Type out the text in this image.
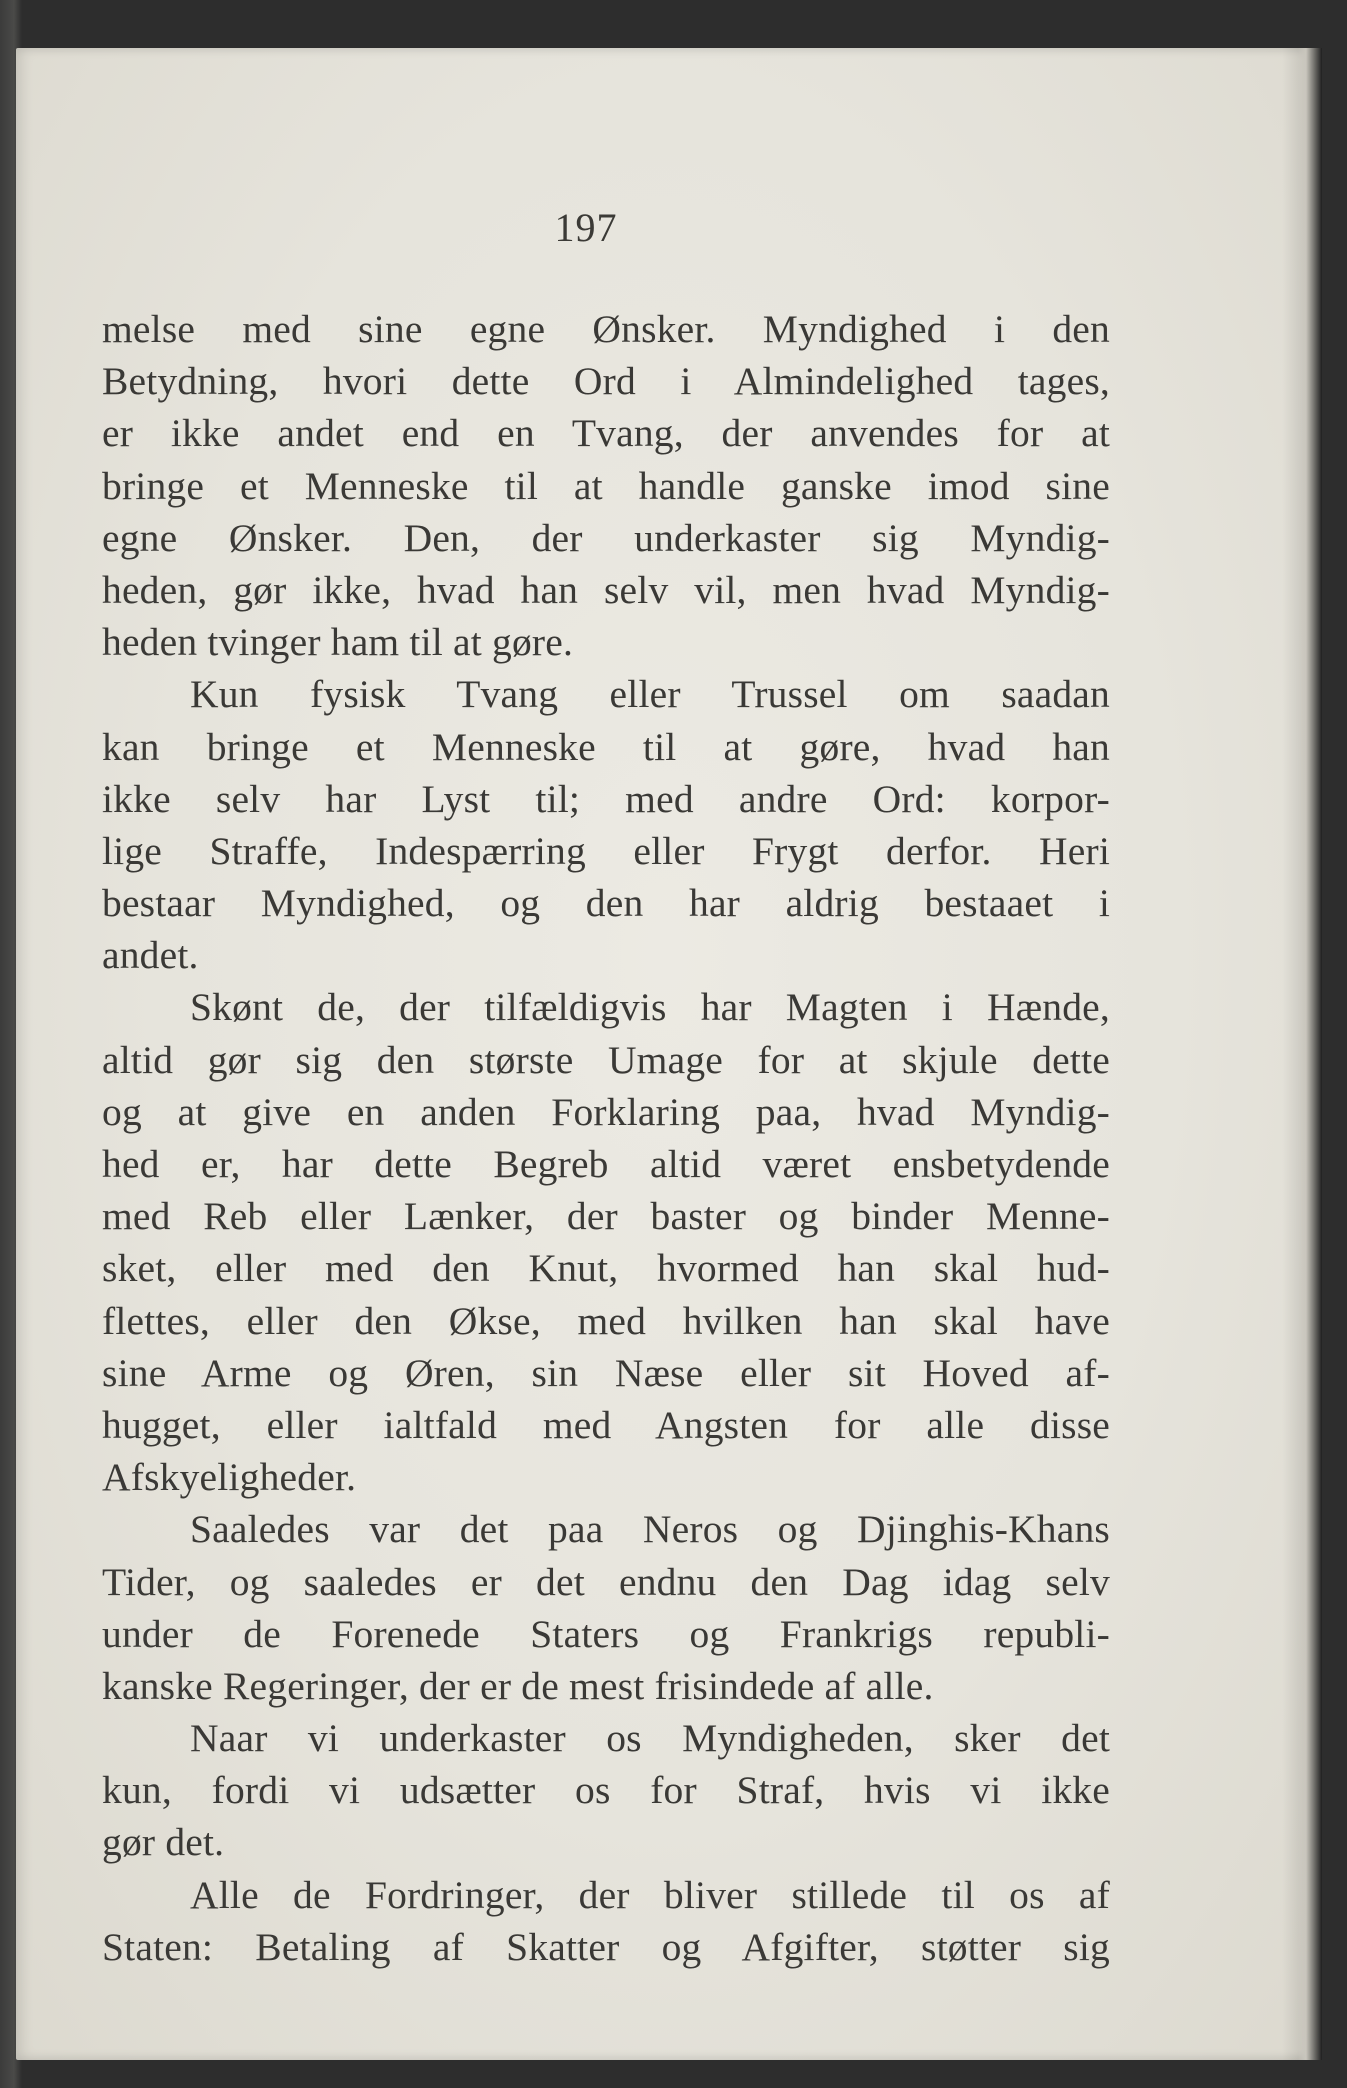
197
melse med sine egne Ønsker. Myndighed i den
Betydning, hvori dette Ord i Almindelighed tages,
er ikke andet end en Tvang, der anvendes for at
bringe et Menneske til at handle ganske imod sine
egne Ønsker. Den, der underkaster sig Myndig-
heden, gør ikke, hvad han selv vil, men hvad Myndig-
heden tvinger ham til at gøre.
Kun fysisk Tvang eller Trussel om saadan
kan bringe et Menneske til at gøre, hvad han
ikke selv har Lyst til; med andre Ord: korpor-
lige Straffe, Indespærring eller Frygt derfor. Heri
bestaar Myndighed, og den har aldrig bestaaet i
andet.
Skønt de, der tilfældigvis har Magten i Hænde,
altid gør sig den største Umage for at skjule dette
og at give en anden Forklaring paa, hvad Myndig-
hed er, har dette Begreb altid været ensbetydende
med Reb eller Lænker, der baster og binder Menne-
sket, eller med den Knut, hvormed han skal hud-
flettes, eller den Økse, med hvilken han skal have
sine Arme og Øren, sin Næse eller sit Hoved af-
hugget, eller ialtfald med Angsten for alle disse
Afskyeligheder.
Saaledes var det paa Neros og Djinghis-Khans
Tider, og saaledes er det endnu den Dag idag selv
under de Forenede Staters og Frankrigs republi-
kanske Regeringer, der er de mest frisindede af alle.
Naar vi underkaster os Myndigheden, sker det
kun, fordi vi udsætter os for Straf, hvis vi ikke
gør det.
Alle de Fordringer, der bliver stillede til os af
Staten: Betaling af Skatter og Afgifter, støtter sig
